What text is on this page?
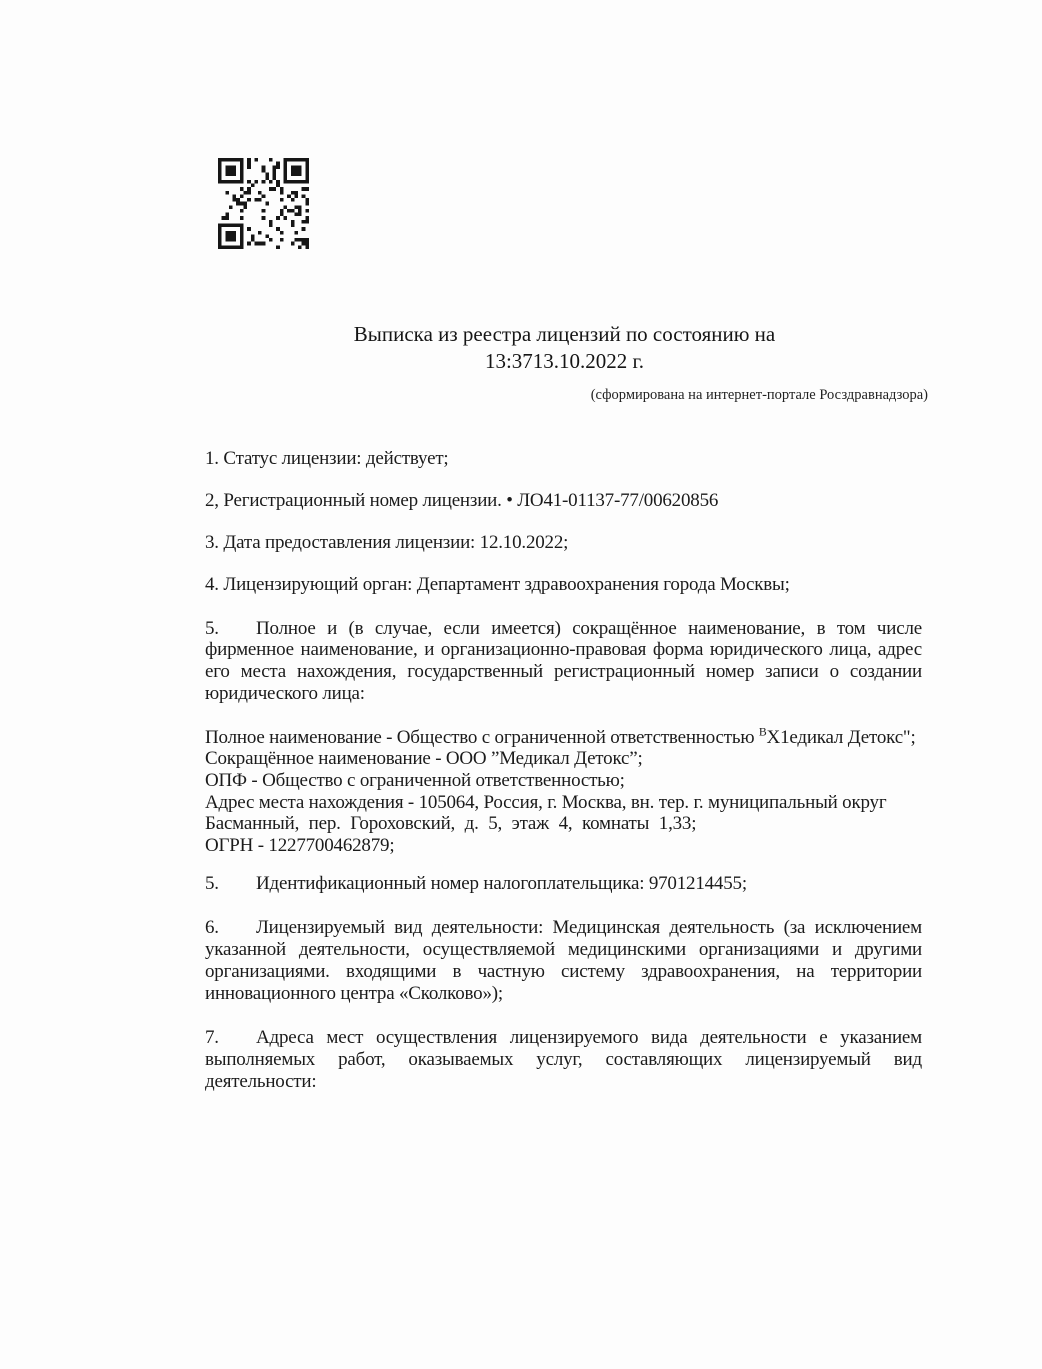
Выписка из реестра лицензий по состоянию на
13:3713.10.2022 г.
(сформирована на интернет-портале Росздравнадзора)
1. Статус лицензии: действует;
2, Регистрационный номер лицензии. • ЛО41-01137-77/00620856
3. Дата предоставления лицензии: 12.10.2022;
4. Лицензирующий орган: Департамент здравоохранения города Москвы;
5. Полное и (в случае, если имеется) сокращённое наименование, в том числе фирменное наименование, и организационно-правовая форма юридического лица, адрес его места нахождения, государственный регистрационный номер записи о создании юридического лица:
Полное наименование - Общество с ограниченной ответственностью $^В$Х1едикал Детокс";
Сокращённое наименование - ООО ”Медикал Детокс”;
ОПФ - Общество с ограниченной ответственностью;
Адрес места нахождения - 105064, Россия, г. Москва, вн. тер. г. муниципальный округ
Басманный, пер. Гороховский, д. 5, этаж 4, комнаты 1,33;
ОГРН - 1227700462879;
5. Идентификационный номер налогоплательщика: 9701214455;
6. Лицензируемый вид деятельности: Медицинская деятельность (за исключением указанной деятельности, осуществляемой медицинскими организациями и другими организациями. входящими в частную систему здравоохранения, на территории инновационного центра «Сколково»);
7. Адреса мест осуществления лицензируемого вида деятельности е указанием выполняемых работ, оказываемых услуг, составляющих лицензируемый вид деятельности:
